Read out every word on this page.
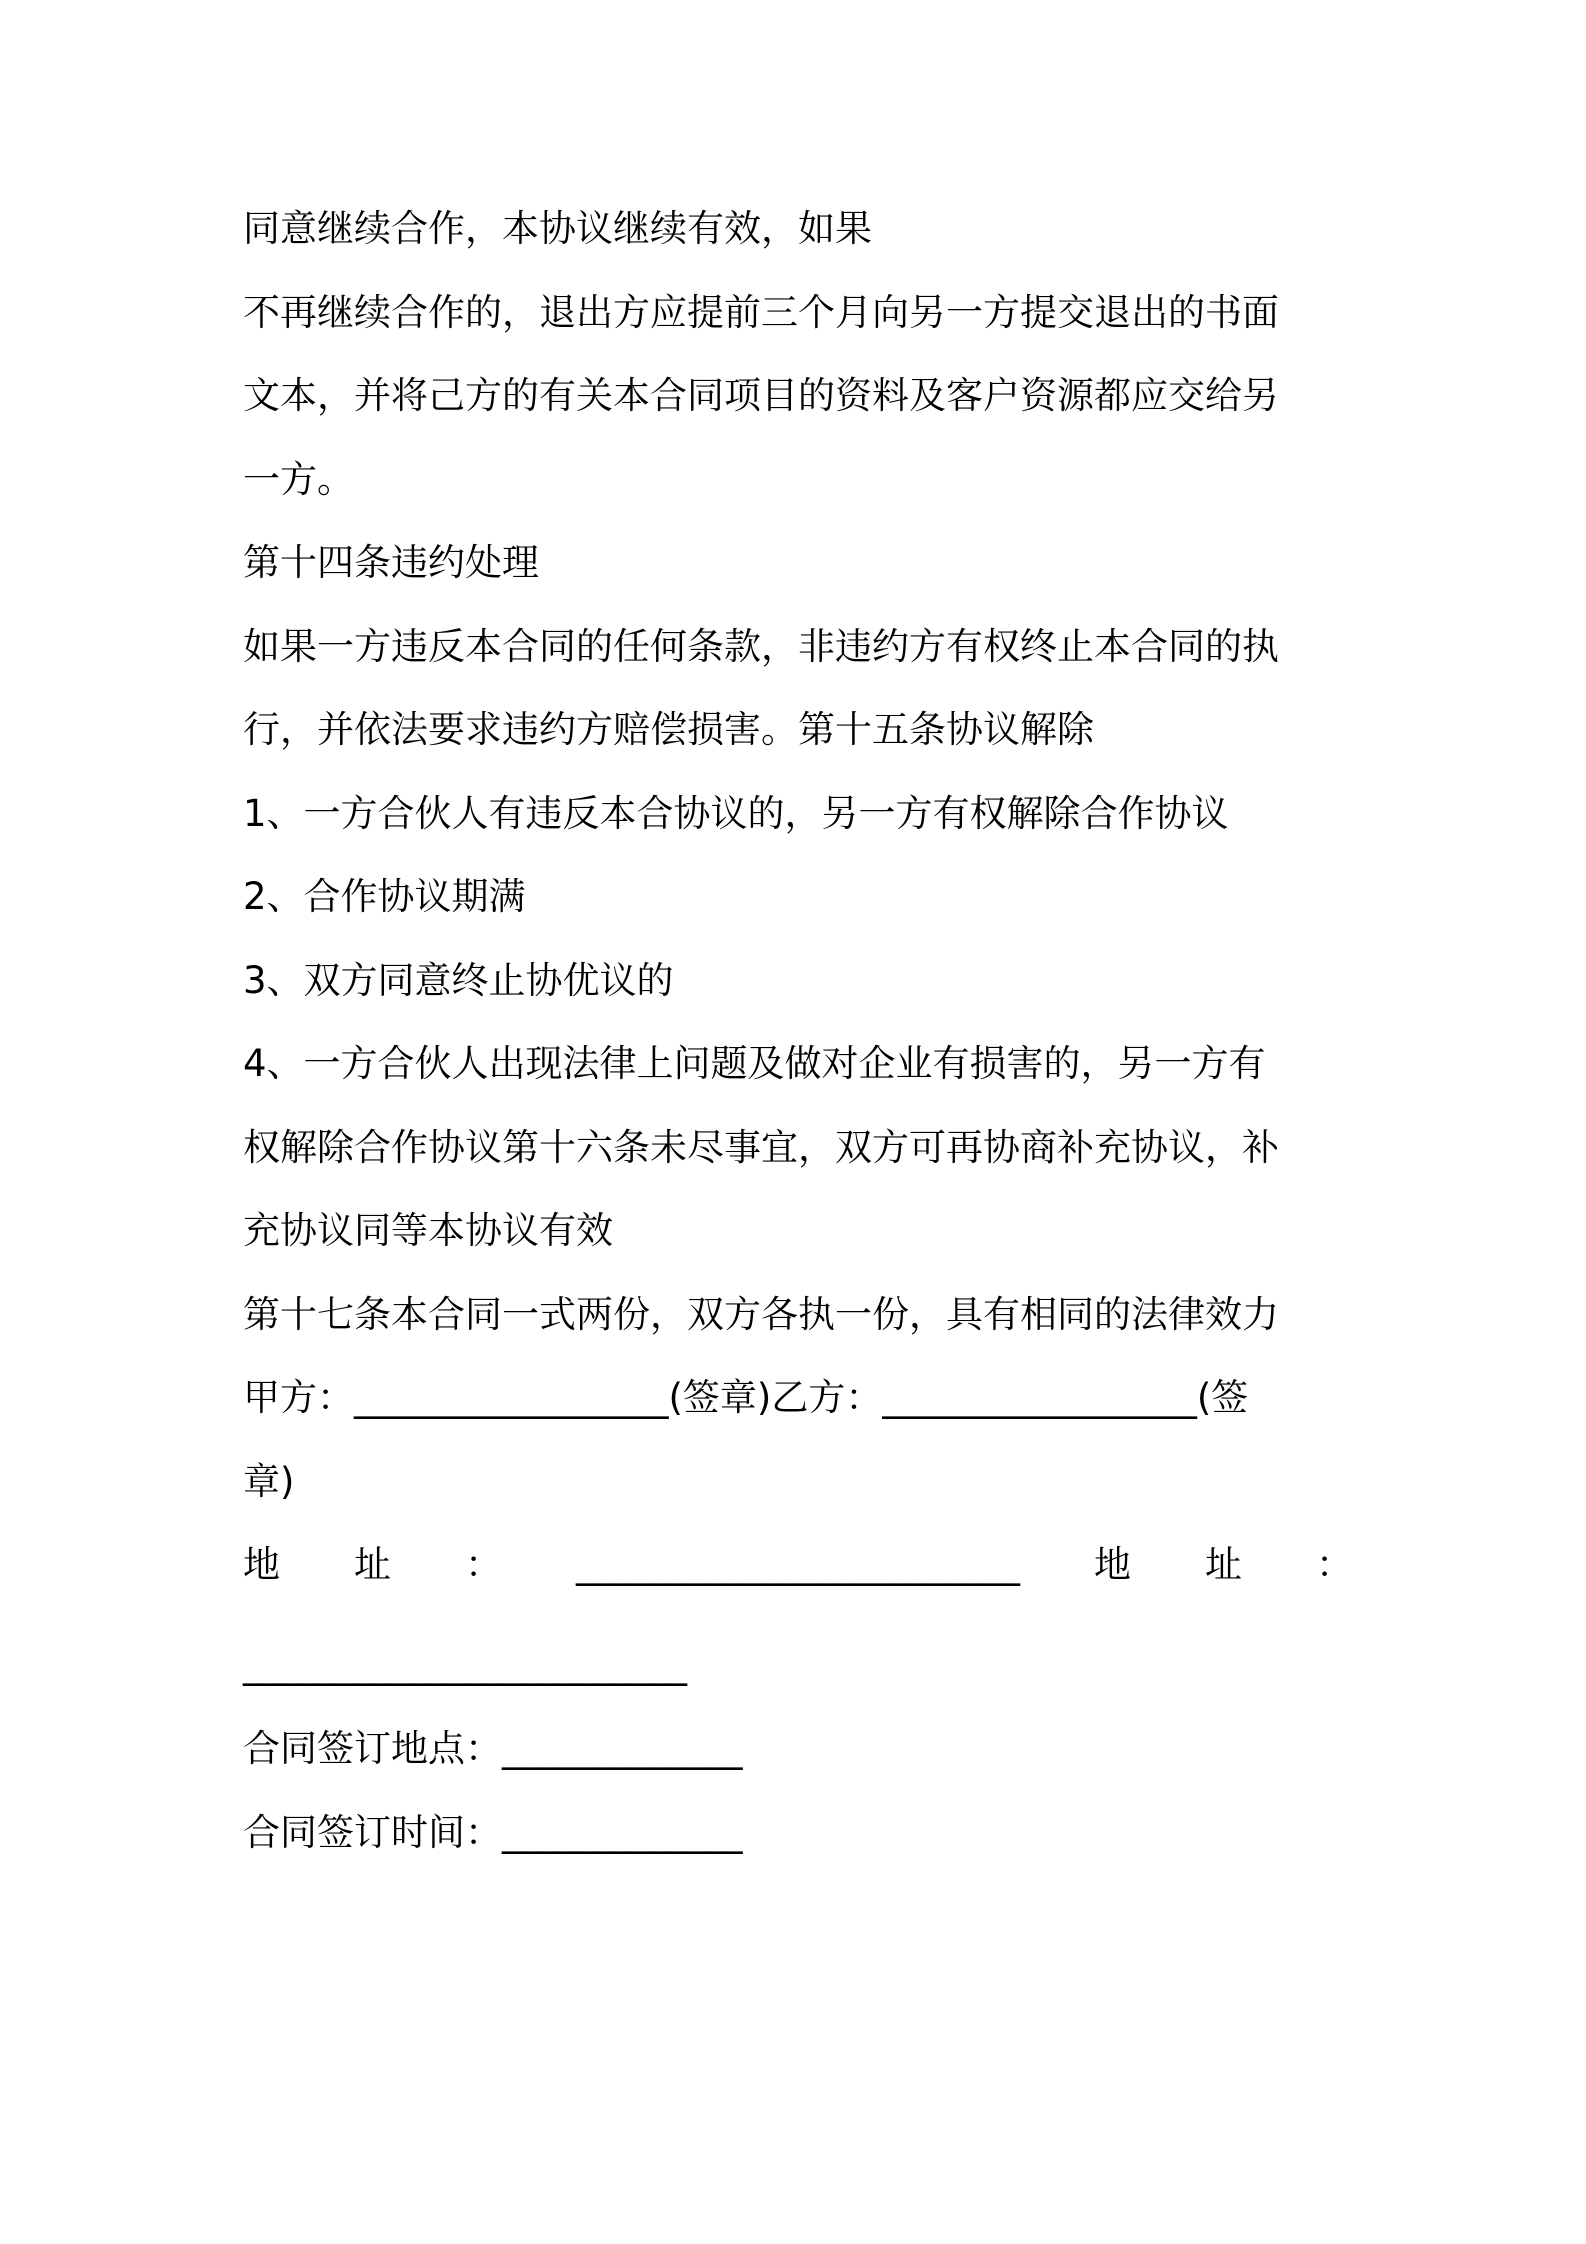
同意继续合作，本协议继续有效，如果
不再继续合作的，退出方应提前三个月向另一方提交退出的书面
文本，并将己方的有关本合同项目的资料及客户资源都应交给另
一方。
第十四条违约处理
如果一方违反本合同的任何条款，非违约方有权终止本合同的执
行，并依法要求违约方赔偿损害。第十五条协议解除
1、一方合伙人有违反本合协议的，另一方有权解除合作协议
2、合作协议期满
3、双方同意终止协优议的
4、一方合伙人出现法律上问题及做对企业有损害的，另一方有
权解除合作协议第十六条未尽事宜，双方可再协商补充协议，补
充协议同等本协议有效
第十七条本合同一式两份，双方各执一份，具有相同的法律效力
甲方：_________________(签章)乙方：_________________(签
章)
地 址 ： ________________________ 地 址 ：
________________________
合同签订地点：_____________
合同签订时间：_____________
